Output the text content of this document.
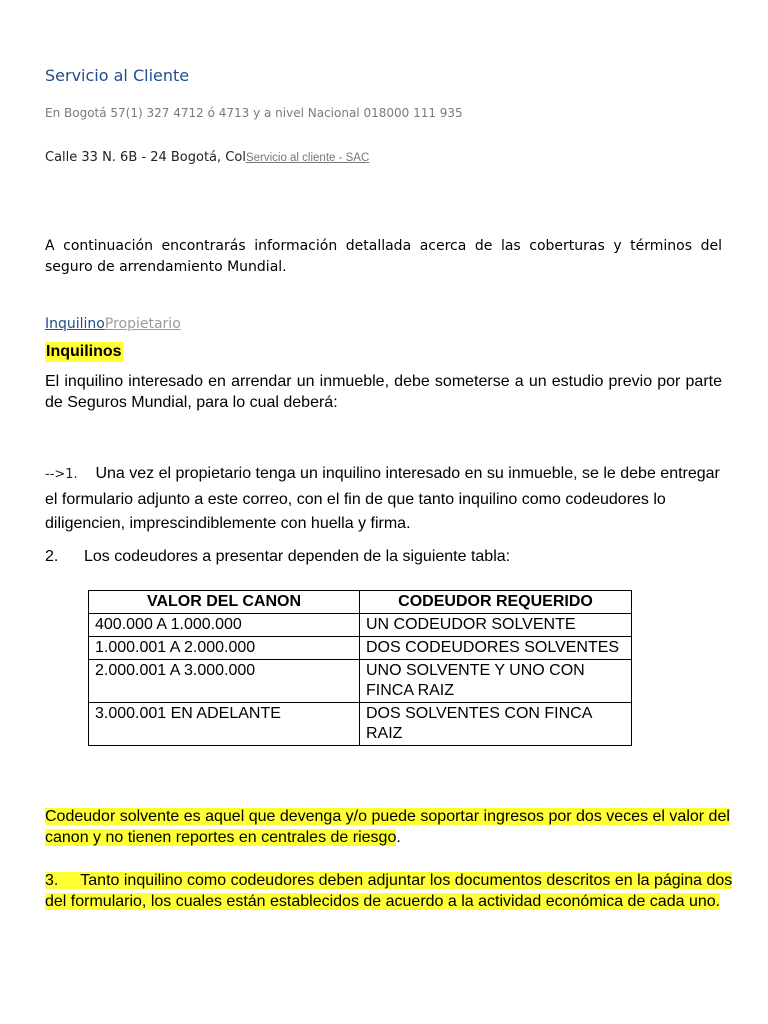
Servicio al Cliente
En Bogotá 57(1) 327 4712 ó 4713 y a nivel Nacional 018000 111 935
Calle 33 N. 6B - 24 Bogotá, ColServicio al cliente - SAC
A continuación encontrarás información detallada acerca de las coberturas y términos del seguro de arrendamiento Mundial.
InquilinoPropietario
Inquilinos
El inquilino interesado en arrendar un inmueble, debe someterse a un estudio previo por parte de Seguros Mundial, para lo cual deberá:
-->1. Una vez el propietario tenga un inquilino interesado en su inmueble, se le debe entregar el formulario adjunto a este correo, con el fin de que tanto inquilino como codeudores lo diligencien, imprescindiblemente con huella y firma.
2. Los codeudores a presentar dependen de la siguiente tabla:
VALOR DEL CANON	CODEUDOR REQUERIDO
400.000 A 1.000.000	UN CODEUDOR SOLVENTE
1.000.001 A 2.000.000	DOS CODEUDORES SOLVENTES
2.000.001 A 3.000.000	UNO SOLVENTE Y UNO CON FINCA RAIZ
3.000.001 EN ADELANTE	DOS SOLVENTES CON FINCA RAIZ
Codeudor solvente es aquel que devenga y/o puede soportar ingresos por dos veces el valor del canon y no tienen reportes en centrales de riesgo.
3. Tanto inquilino como codeudores deben adjuntar los documentos descritos en la página dos del formulario, los cuales están establecidos de acuerdo a la actividad económica de cada uno.
